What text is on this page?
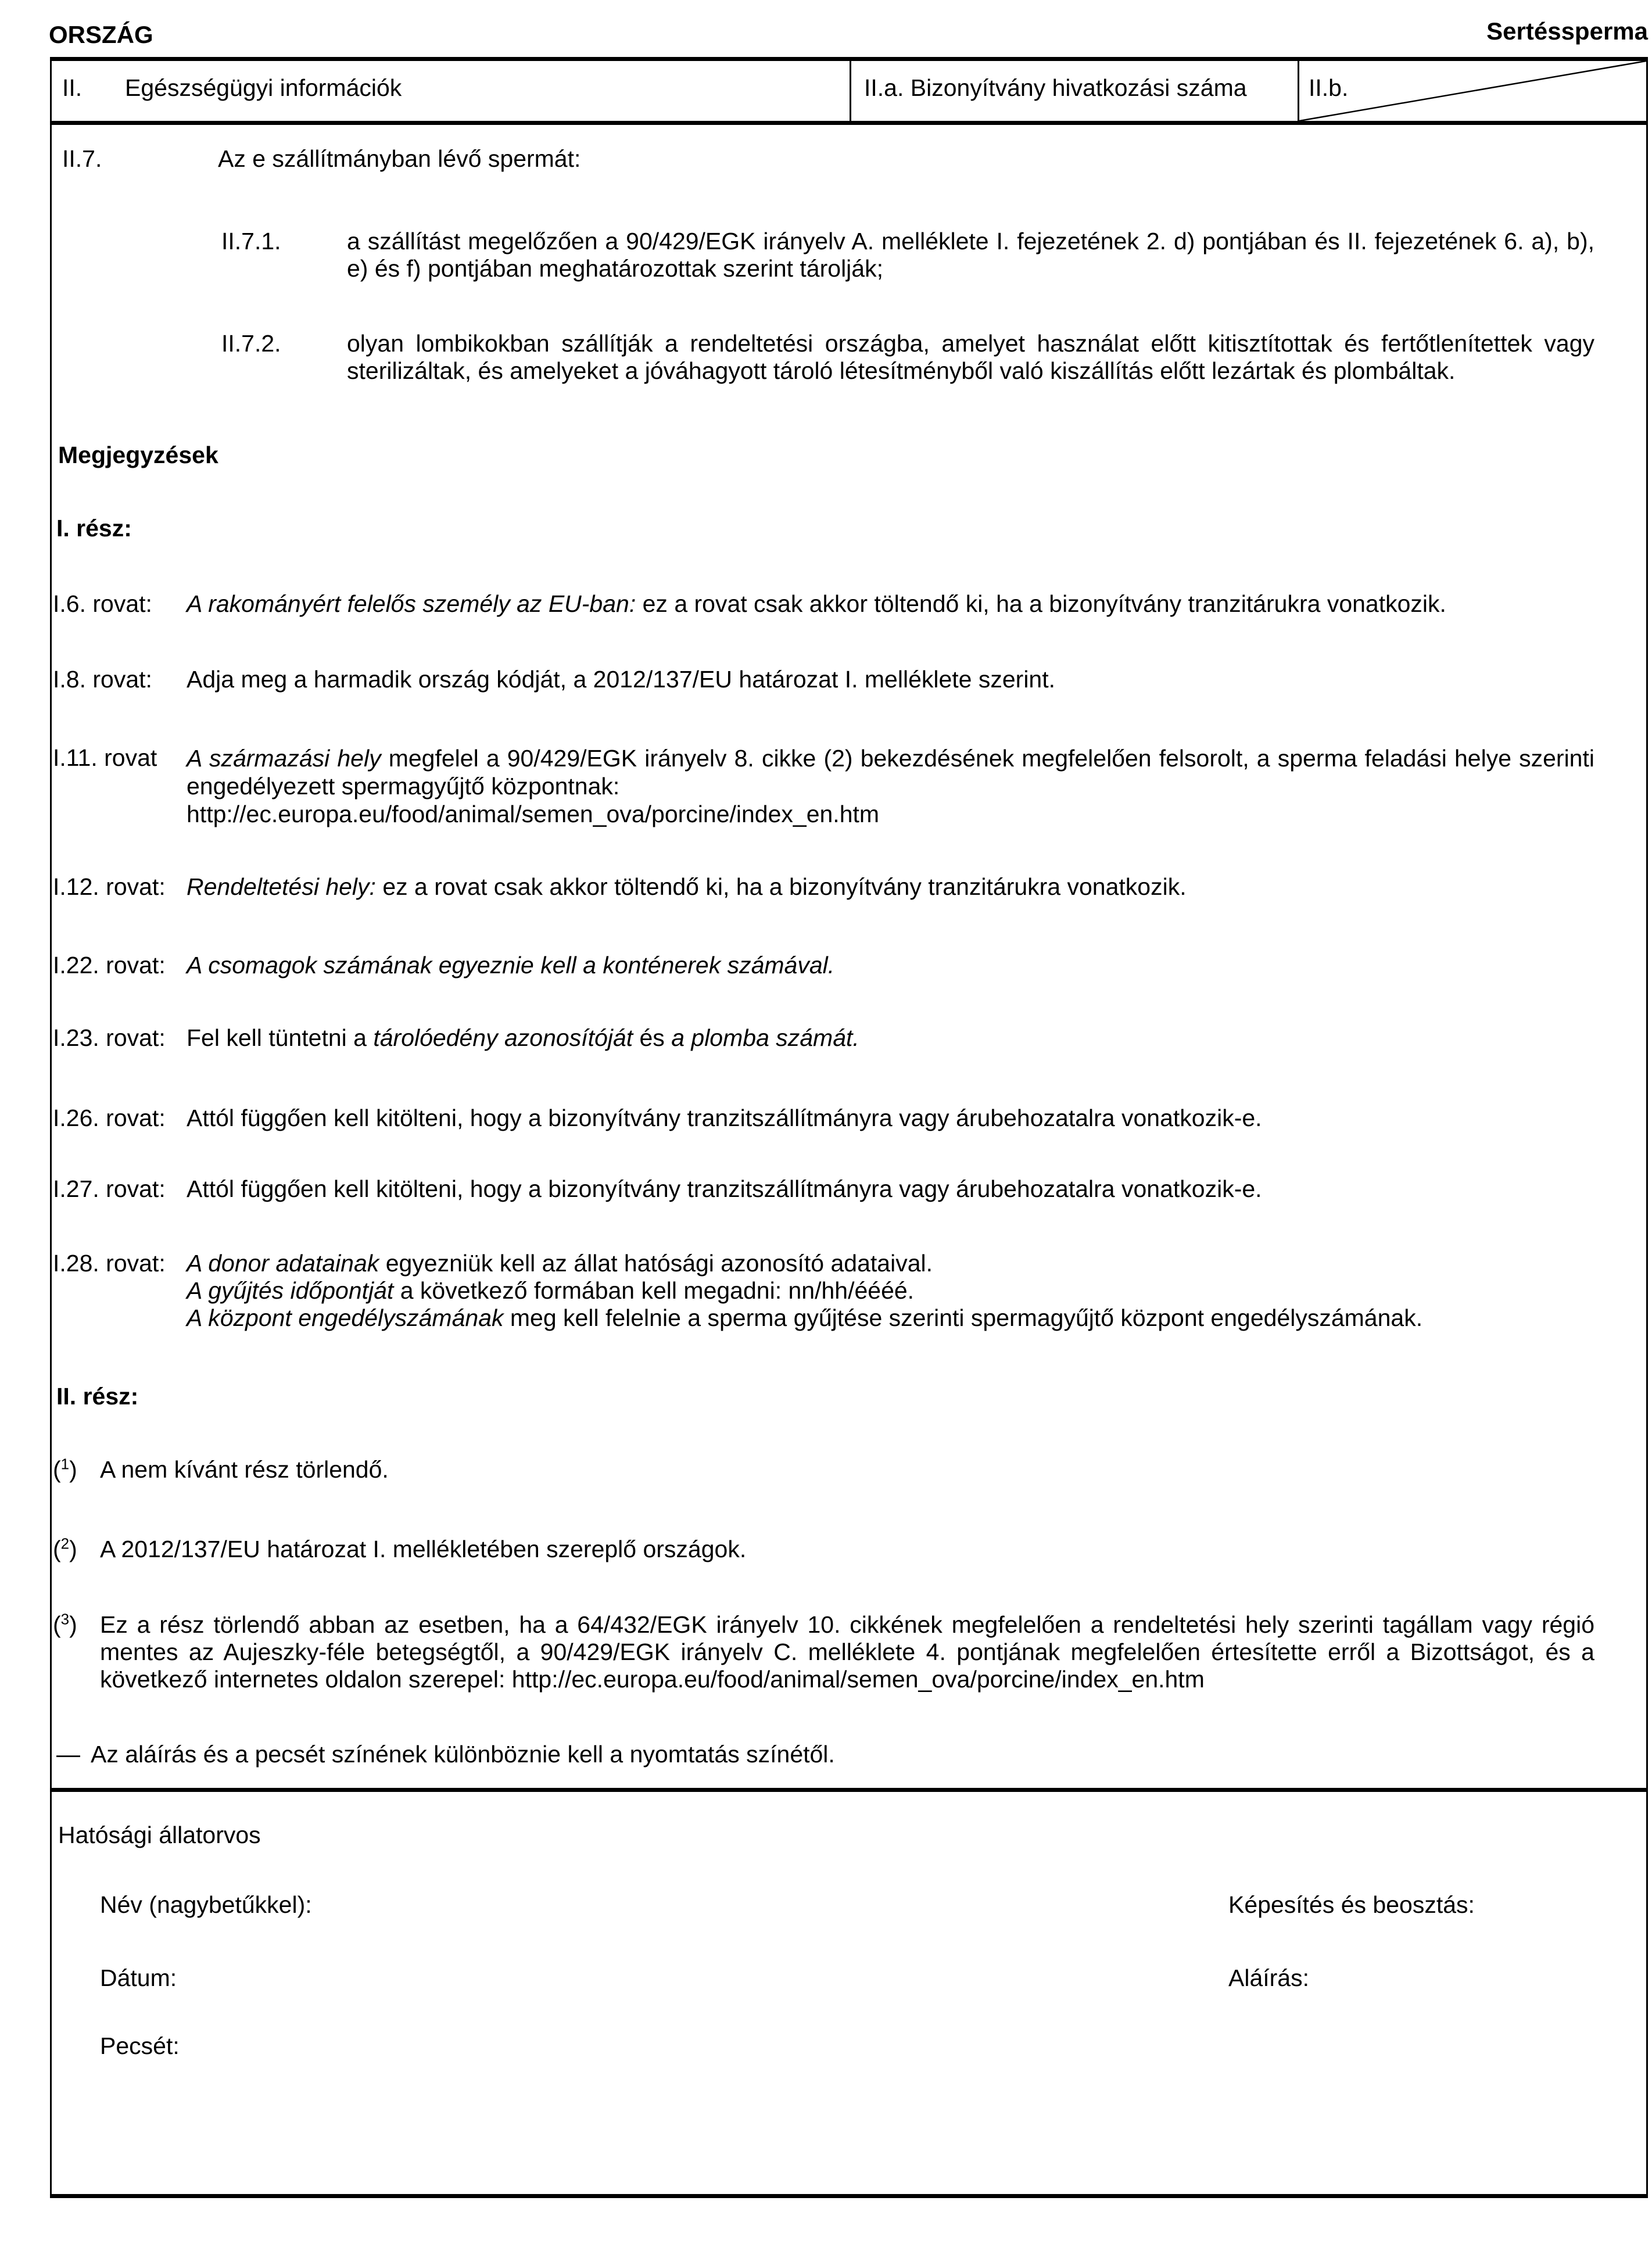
ORSZÁG	Sertéssperma
II. Egészségügyi információk	II.a. Bizonyítvány hivatkozási száma	II.b.
II.7.	Az e szállítmányban lévő spermát:
II.7.1.	a szállítást megelőzően a 90/429/EGK irányelv A. melléklete I. fejezetének 2. d) pontjában és II. fejezetének 6. a), b), e) és f) pontjában meghatározottak szerint tárolják;
II.7.2.	olyan lombikokban szállítják a rendeltetési országba, amelyet használat előtt kitisztítottak és fertőtlenítettek vagy sterilizáltak, és amelyeket a jóváhagyott tároló létesítményből való kiszállítás előtt lezártak és plombáltak.
Megjegyzések
I. rész:
I.6. rovat: A rakományért felelős személy az EU-ban: ez a rovat csak akkor töltendő ki, ha a bizonyítvány tranzitárukra vonatkozik.
I.8. rovat: Adja meg a harmadik ország kódját, a 2012/137/EU határozat I. melléklete szerint.
I.11. rovat A származási hely megfelel a 90/429/EGK irányelv 8. cikke (2) bekezdésének megfelelően felsorolt, a sperma feladási helye szerinti engedélyezett spermagyűjtő központnak:
http://ec.europa.eu/food/animal/semen_ova/porcine/index_en.htm
I.12. rovat: Rendeltetési hely: ez a rovat csak akkor töltendő ki, ha a bizonyítvány tranzitárukra vonatkozik.
I.22. rovat: A csomagok számának egyeznie kell a konténerek számával.
I.23. rovat: Fel kell tüntetni a tárolóedény azonosítóját és a plomba számát.
I.26. rovat: Attól függően kell kitölteni, hogy a bizonyítvány tranzitszállítmányra vagy árubehozatalra vonatkozik-e.
I.27. rovat: Attól függően kell kitölteni, hogy a bizonyítvány tranzitszállítmányra vagy árubehozatalra vonatkozik-e.
I.28. rovat: A donor adatainak egyezniük kell az állat hatósági azonosító adataival.
A gyűjtés időpontját a következő formában kell megadni: nn/hh/éééé.
A központ engedélyszámának meg kell felelnie a sperma gyűjtése szerinti spermagyűjtő központ engedélyszámának.
II. rész:
($^1$) A nem kívánt rész törlendő.
($^2$) A 2012/137/EU határozat I. mellékletében szereplő országok.
($^3$) Ez a rész törlendő abban az esetben, ha a 64/432/EGK irányelv 10. cikkének megfelelően a rendeltetési hely szerinti tagállam vagy régió mentes az Aujeszky-féle betegségtől, a 90/429/EGK irányelv C. melléklete 4. pontjának megfelelően értesítette erről a Bizottságot, és a következő internetes oldalon szerepel: http://ec.europa.eu/food/animal/semen_ova/porcine/index_en.htm
— Az aláírás és a pecsét színének különböznie kell a nyomtatás színétől.
Hatósági állatorvos
Név (nagybetűkkel):	Képesítés és beosztás:
Dátum:	Aláírás:
Pecsét:
